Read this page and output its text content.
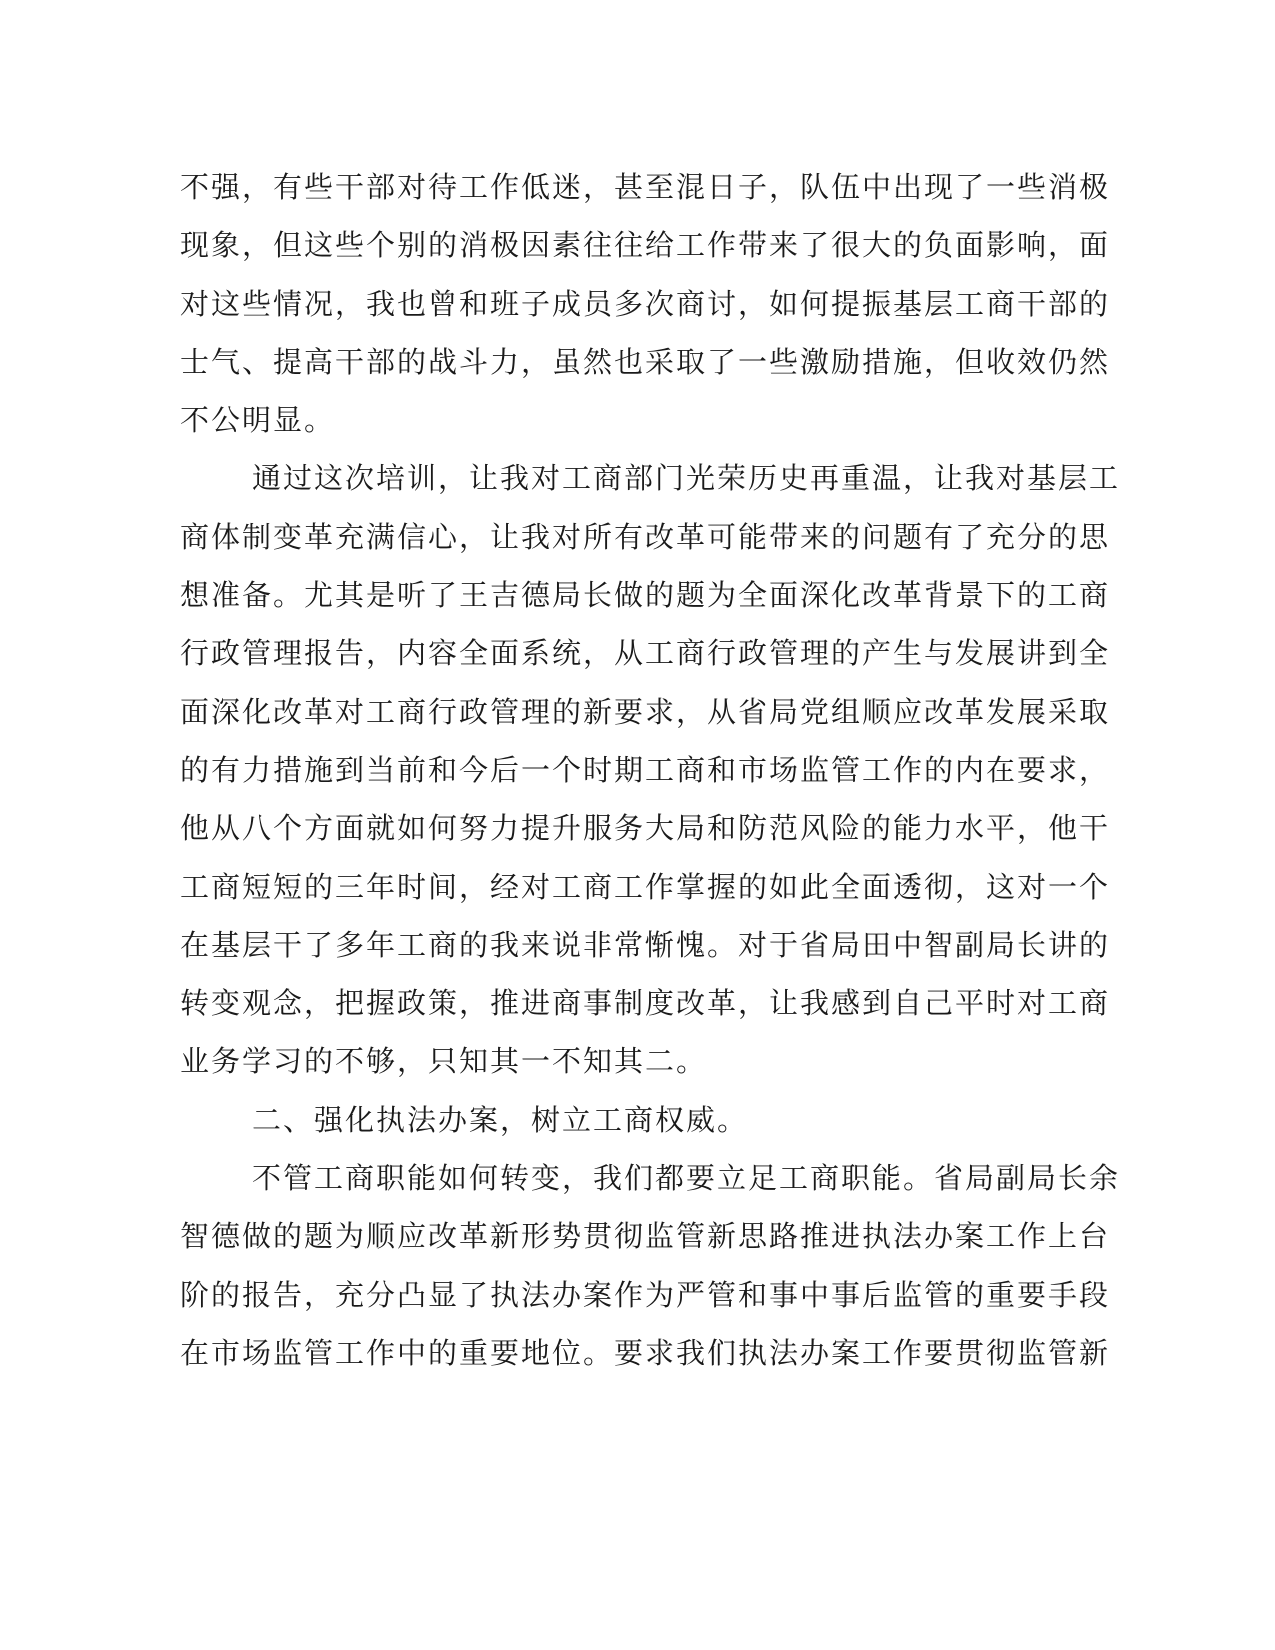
不强，有些干部对待工作低迷，甚至混日子，队伍中出现了一些消极
现象，但这些个别的消极因素往往给工作带来了很大的负面影响，面
对这些情况，我也曾和班子成员多次商讨，如何提振基层工商干部的
士气、提高干部的战斗力，虽然也采取了一些激励措施，但收效仍然
不公明显。
通过这次培训，让我对工商部门光荣历史再重温，让我对基层工
商体制变革充满信心，让我对所有改革可能带来的问题有了充分的思
想准备。尤其是听了王吉德局长做的题为全面深化改革背景下的工商
行政管理报告，内容全面系统，从工商行政管理的产生与发展讲到全
面深化改革对工商行政管理的新要求，从省局党组顺应改革发展采取
的有力措施到当前和今后一个时期工商和市场监管工作的内在要求，
他从八个方面就如何努力提升服务大局和防范风险的能力水平，他干
工商短短的三年时间，经对工商工作掌握的如此全面透彻，这对一个
在基层干了多年工商的我来说非常惭愧。对于省局田中智副局长讲的
转变观念，把握政策，推进商事制度改革，让我感到自己平时对工商
业务学习的不够，只知其一不知其二。
二、强化执法办案，树立工商权威。
不管工商职能如何转变，我们都要立足工商职能。省局副局长余
智德做的题为顺应改革新形势贯彻监管新思路推进执法办案工作上台
阶的报告，充分凸显了执法办案作为严管和事中事后监管的重要手段
在市场监管工作中的重要地位。要求我们执法办案工作要贯彻监管新
